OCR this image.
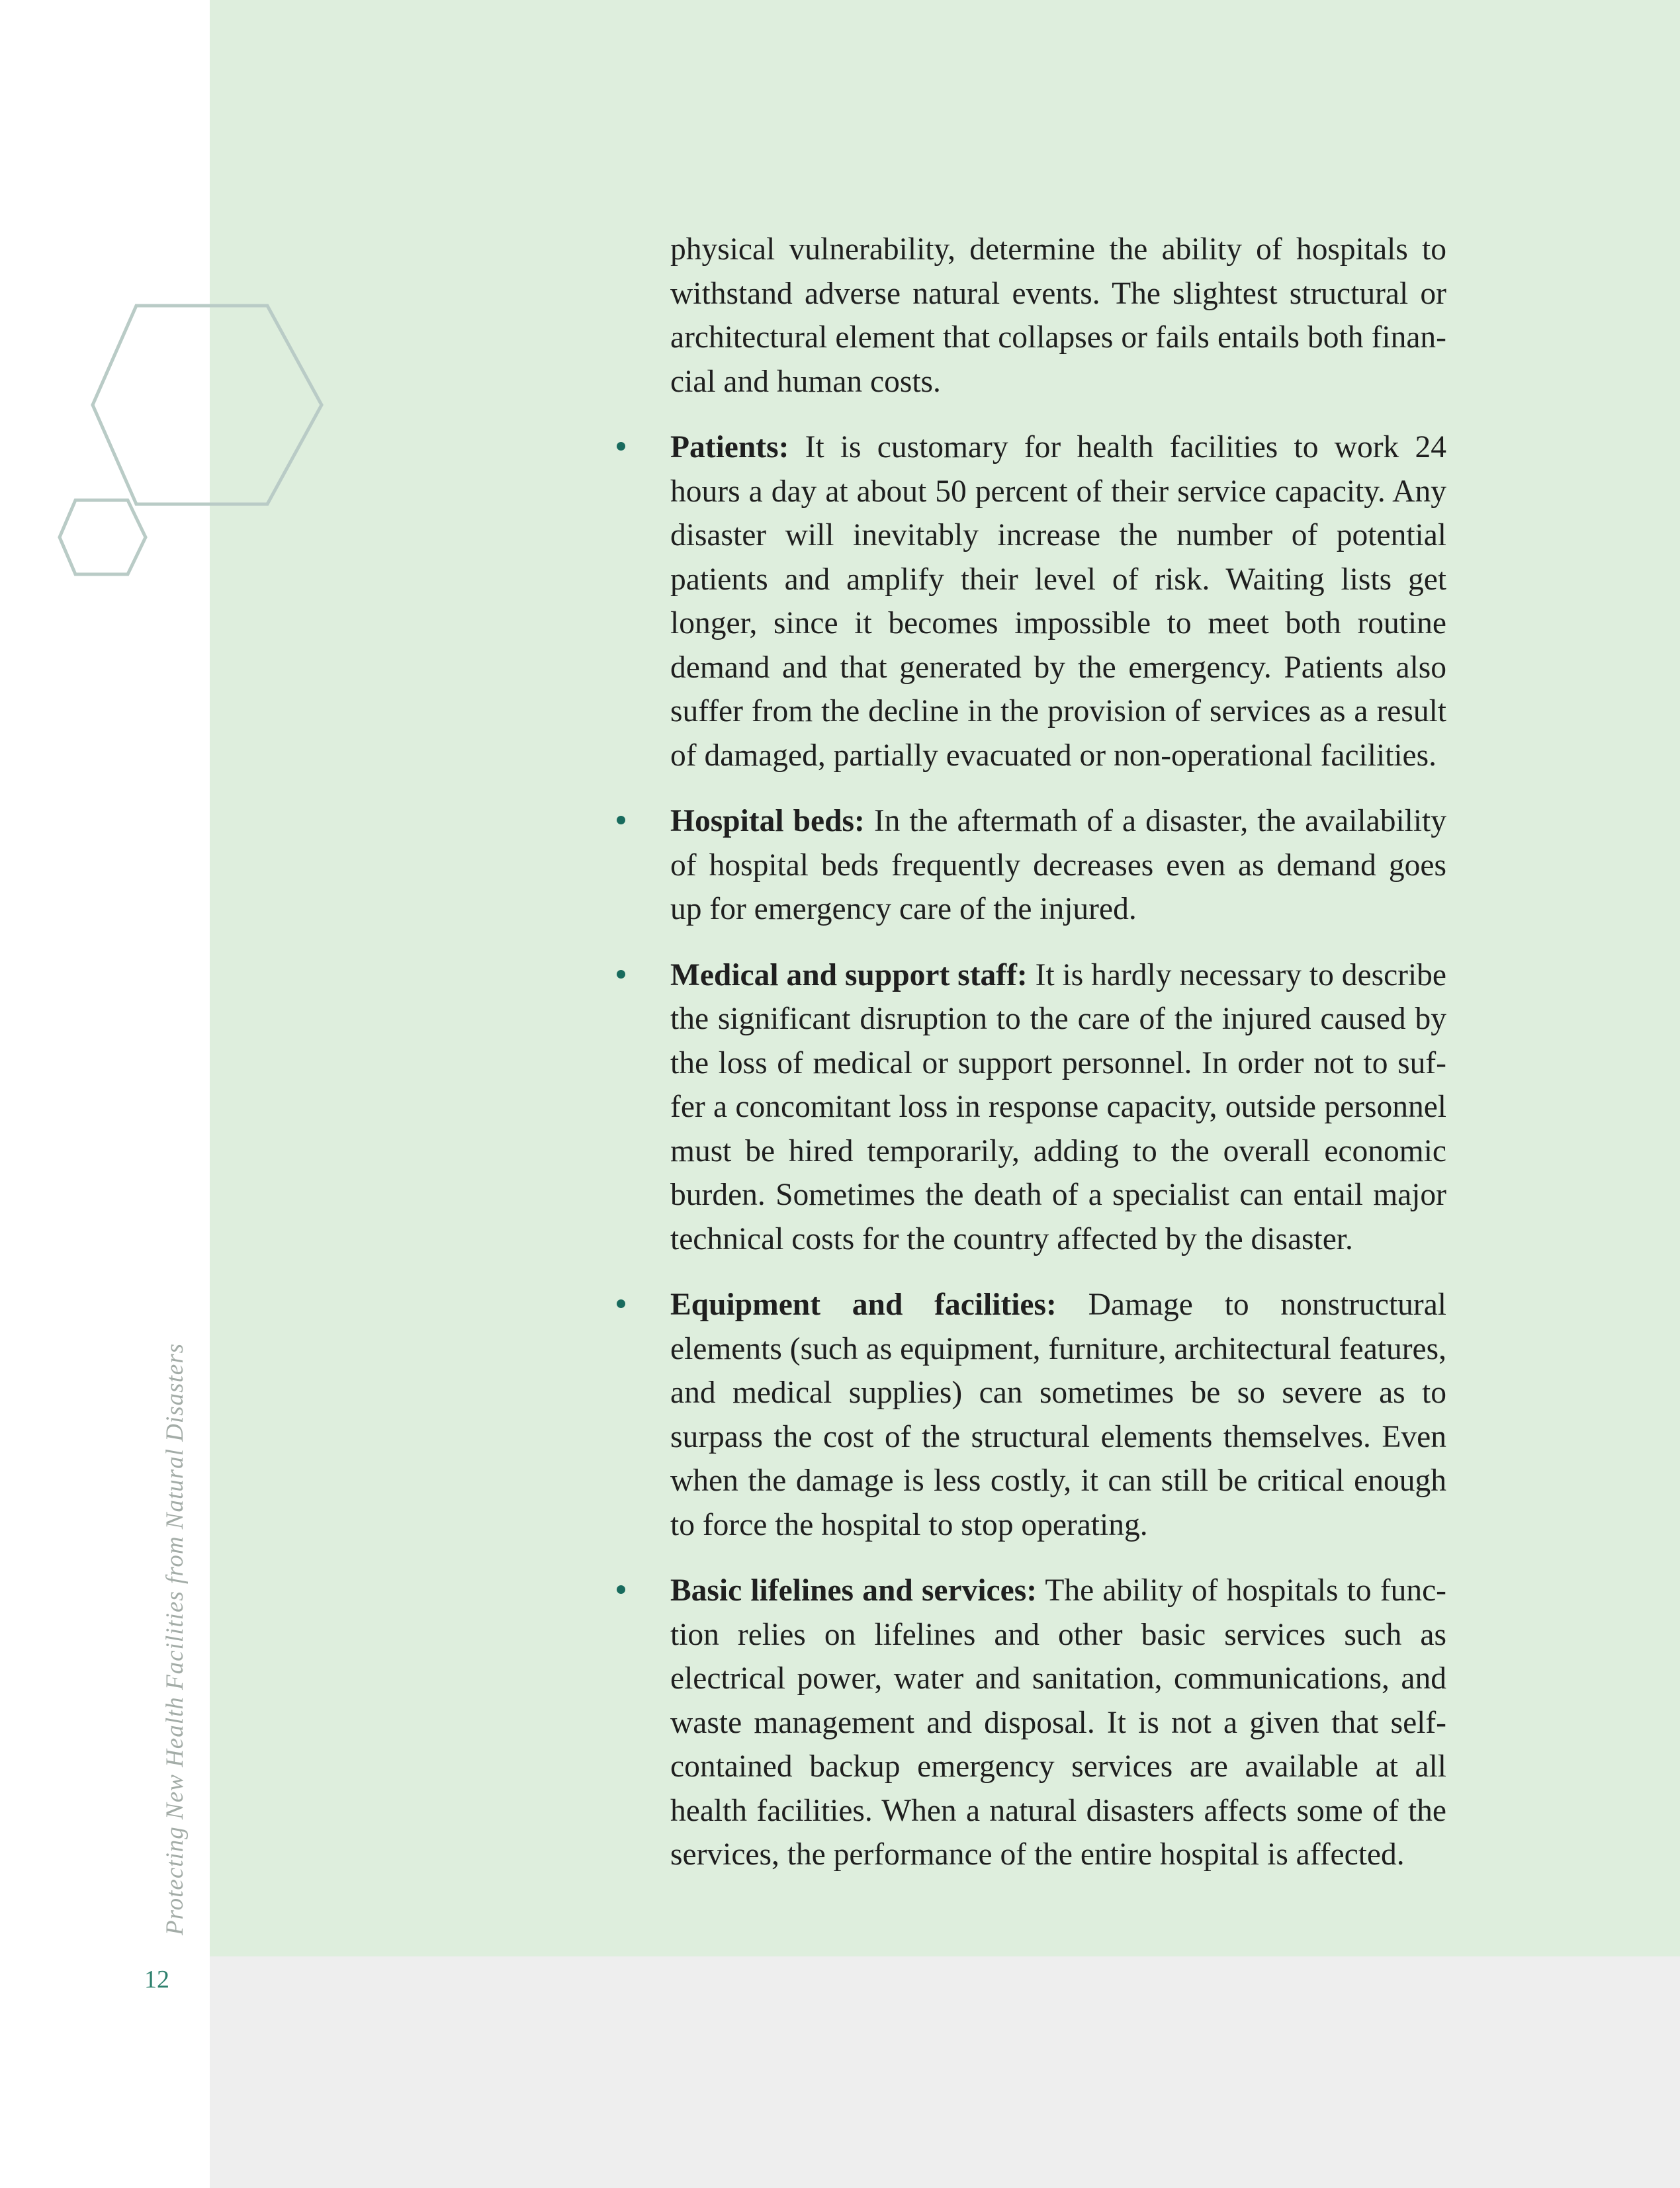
Protecting New Health Facilities from Natural Disasters
12

physical vulnerability, determine the ability of hospitals to withstand adverse natural events. The slightest structural or architectural element that collapses or fails entails both financial and human costs.

Patients: It is customary for health facilities to work 24 hours a day at about 50 percent of their service capacity. Any disaster will inevitably increase the number of potential patients and amplify their level of risk. Waiting lists get longer, since it becomes impossible to meet both routine demand and that generated by the emergency. Patients also suffer from the decline in the provision of services as a result of damaged, partially evacuated or non-operational facilities.
Hospital beds: In the aftermath of a disaster, the availability of hospital beds frequently decreases even as demand goes up for emergency care of the injured.
Medical and support staff: It is hardly necessary to describe the significant disruption to the care of the injured caused by the loss of medical or support personnel. In order not to suffer a concomitant loss in response capacity, outside personnel must be hired temporarily, adding to the overall economic burden. Sometimes the death of a specialist can entail major technical costs for the country affected by the disaster.
Equipment and facilities: Damage to nonstructural elements (such as equipment, furniture, architectural features, and medical supplies) can sometimes be so severe as to surpass the cost of the structural elements themselves. Even when the damage is less costly, it can still be critical enough to force the hospital to stop operating.
Basic lifelines and services: The ability of hospitals to function relies on lifelines and other basic services such as electrical power, water and sanitation, communications, and waste management and disposal. It is not a given that self-contained backup emergency services are available at all health facilities. When a natural disasters affects some of the services, the performance of the entire hospital is affected.
